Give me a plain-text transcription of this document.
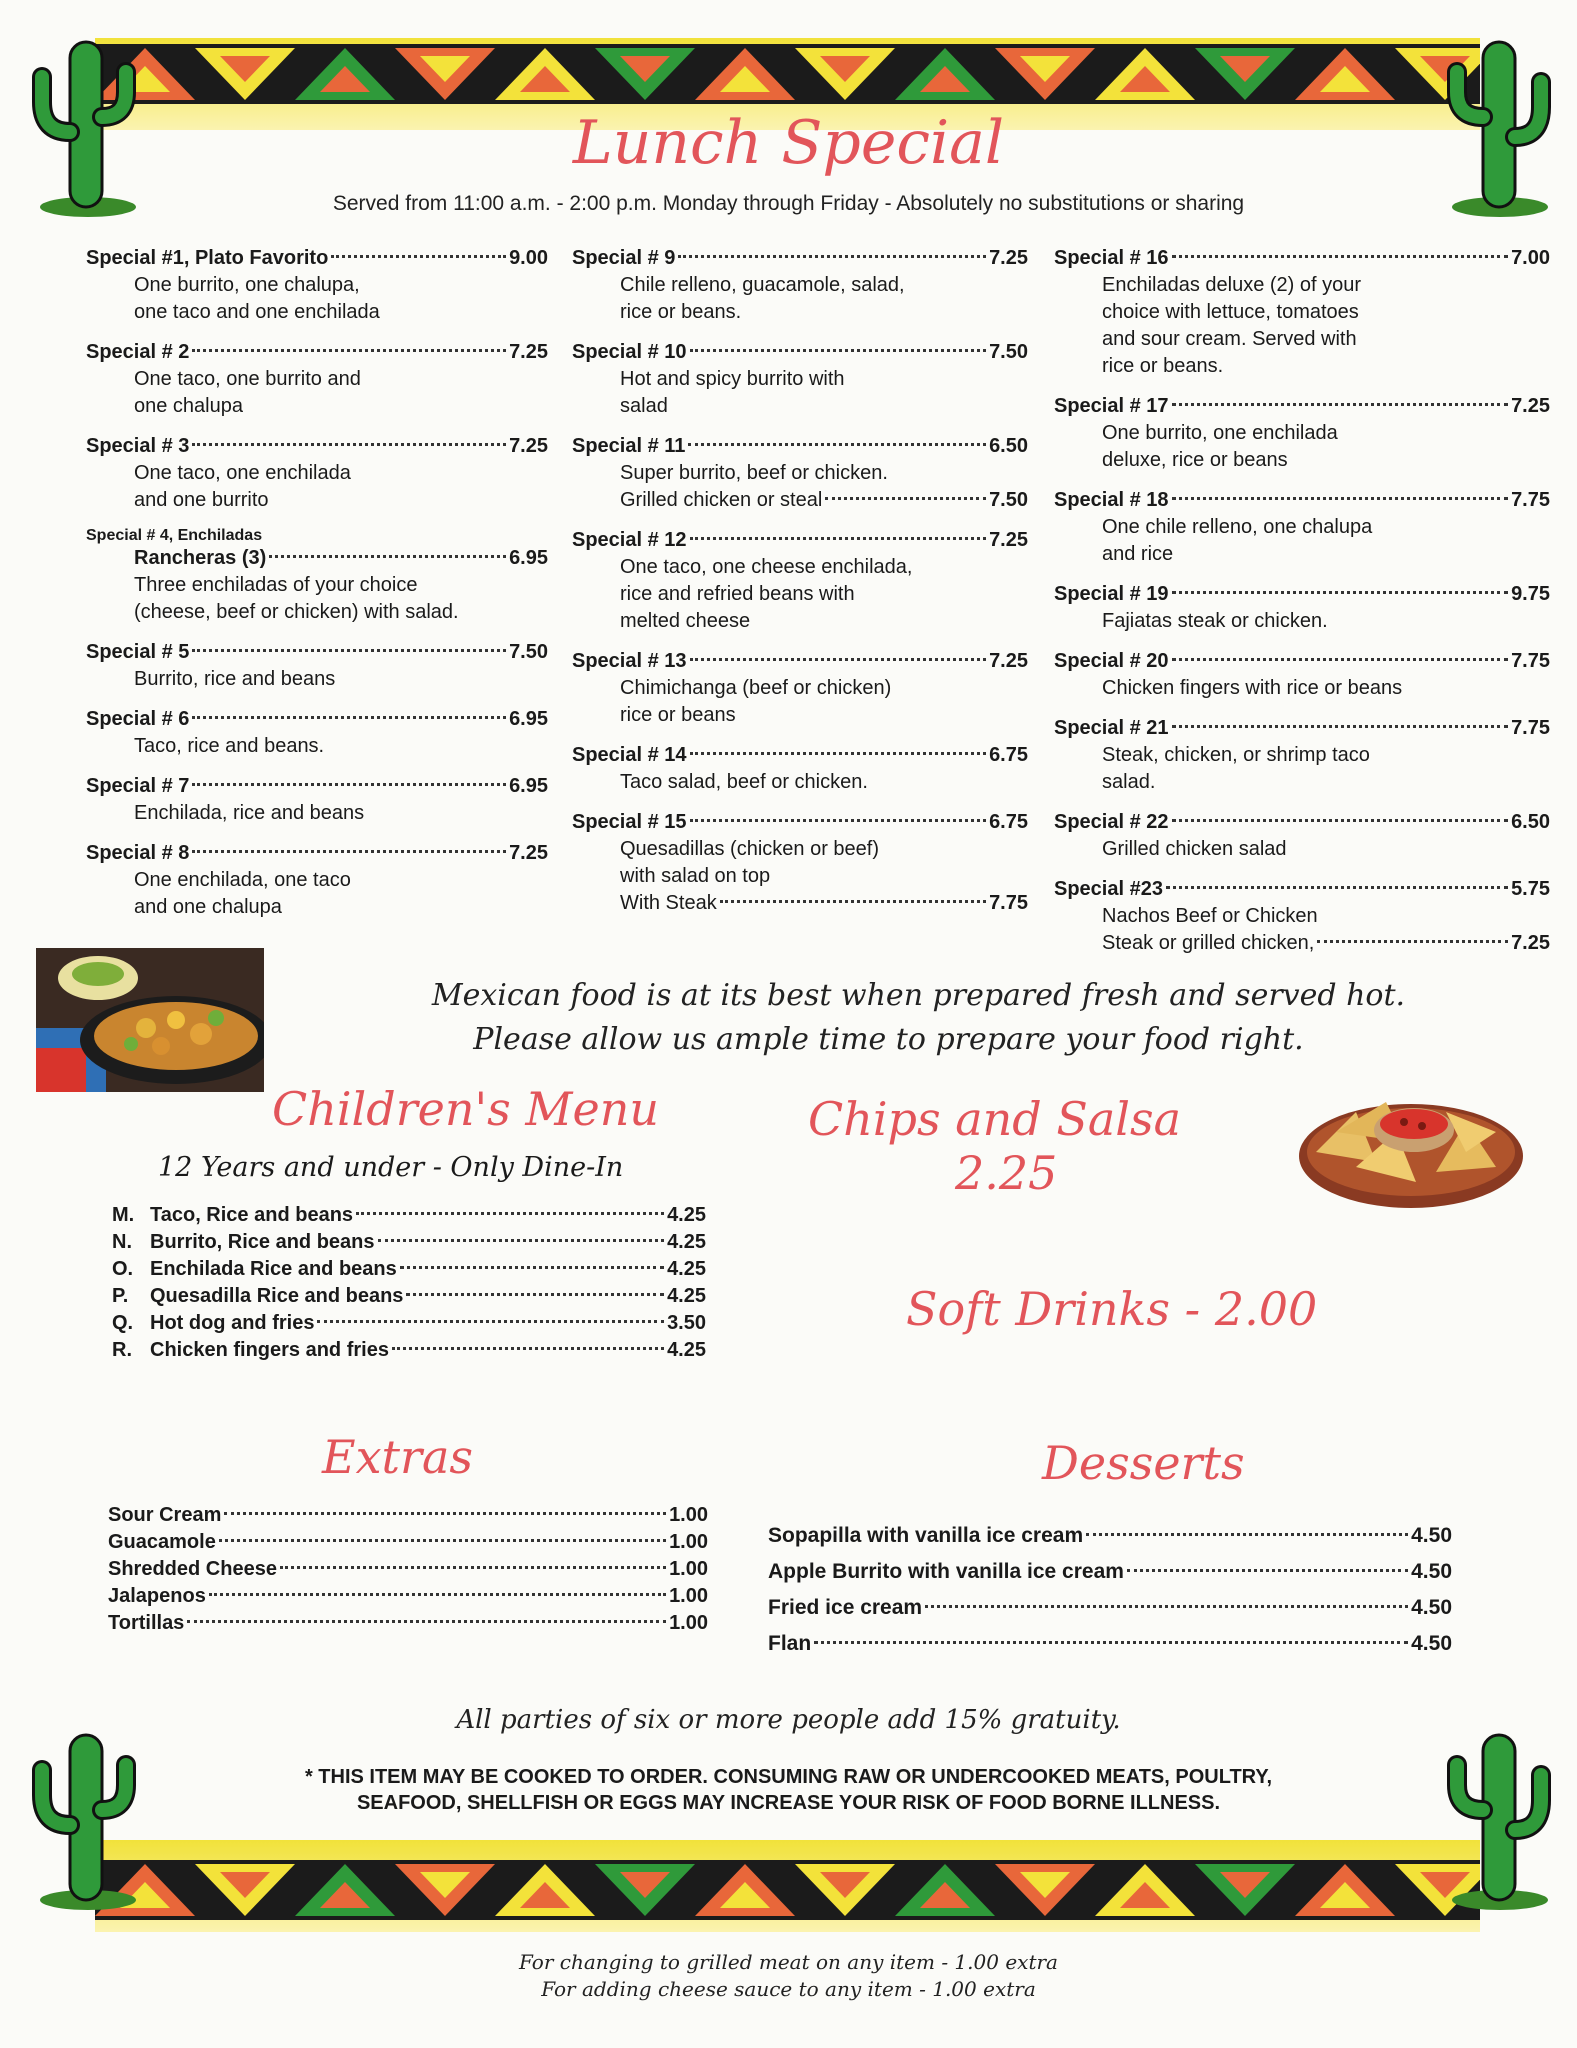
Lunch Special
Served from 11:00 a.m. - 2:00 p.m. Monday through Friday - Absolutely no substitutions or sharing
Special #1, Plato Favorito	9.00
One burrito, one chalupa,
one taco and one enchilada
Special # 2	7.25
One taco, one burrito and
one chalupa
Special # 3	7.25
One taco, one enchilada
and one burrito
Special # 4, Enchiladas
Rancheras (3)	6.95
Three enchiladas of your choice
(cheese, beef or chicken) with salad.
Special # 5	7.50
Burrito, rice and beans
Special # 6	6.95
Taco, rice and beans.
Special # 7	6.95
Enchilada, rice and beans
Special # 8	7.25
One enchilada, one taco
and one chalupa
Special # 9	7.25
Chile relleno, guacamole, salad,
rice or beans.
Special # 10	7.50
Hot and spicy burrito with
salad
Special # 11	6.50
Super burrito, beef or chicken.
Grilled chicken or steal	7.50
Special # 12	7.25
One taco, one cheese enchilada,
rice and refried beans with
melted cheese
Special # 13	7.25
Chimichanga (beef or chicken)
rice or beans
Special # 14	6.75
Taco salad, beef or chicken.
Special # 15	6.75
Quesadillas (chicken or beef)
with salad on top
With Steak	7.75
Special # 16	7.00
Enchiladas deluxe (2) of your
choice with lettuce, tomatoes
and sour cream. Served with
rice or beans.
Special # 17	7.25
One burrito, one enchilada
deluxe, rice or beans
Special # 18	7.75
One chile relleno, one chalupa
and rice
Special # 19	9.75
Fajiatas steak or chicken.
Special # 20	7.75
Chicken fingers with rice or beans
Special # 21	7.75
Steak, chicken, or shrimp taco
salad.
Special # 22	6.50
Grilled chicken salad
Special #23	5.75
Nachos Beef or Chicken
Steak or grilled chicken,	7.25
Mexican food is at its best when prepared fresh and served hot.
Please allow us ample time to prepare your food right.
Children's Menu
12 Years and under - Only Dine-In
M. Taco, Rice and beans	4.25
N. Burrito, Rice and beans	4.25
O. Enchilada Rice and beans	4.25
P.	Quesadilla Rice and beans	4.25
Q. Hot dog and fries	3.50
R. Chicken fingers and fries	4.25
Chips and Salsa
2.25
Soft Drinks - 2.00
Extras
Sour Cream	1.00
Guacamole	1.00
Shredded Cheese	1.00
Jalapenos	1.00
Tortillas	1.00
Desserts
Sopapilla with vanilla ice cream	4.50
Apple Burrito with vanilla ice cream	4.50
Fried ice cream	4.50
Flan	4.50
All parties of six or more people add 15% gratuity.
* THIS ITEM MAY BE COOKED TO ORDER. CONSUMING RAW OR UNDERCOOKED MEATS, POULTRY,
SEAFOOD, SHELLFISH OR EGGS MAY INCREASE YOUR RISK OF FOOD BORNE ILLNESS.
For changing to grilled meat on any item - 1.00 extra
For adding cheese sauce to any item - 1.00 extra
